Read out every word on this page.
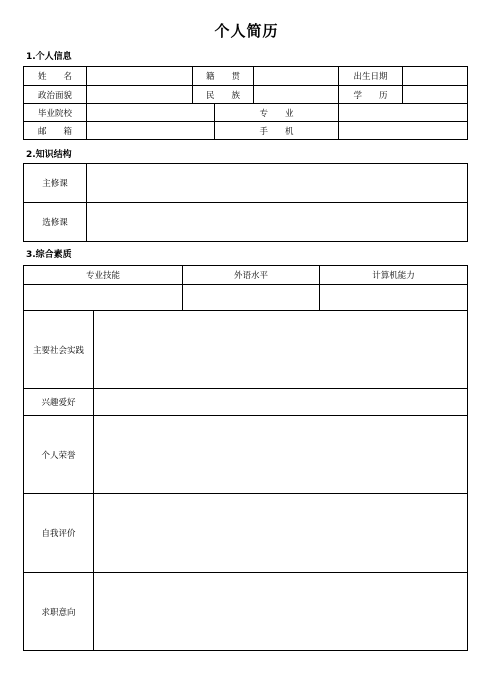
个人简历
1.个人信息
姓　　名		籍　　贯			出生日期		
政治面貌		民　　族			学　　历		
毕业院校			专　　业				
邮　　箱			手　　机				
2.知识结构
主修课	
选修课	
3.综合素质
专业技能	外语水平	计算机能力

主要社会实践	
兴趣爱好	
个人荣誉	
自我评价	
求职意向	
